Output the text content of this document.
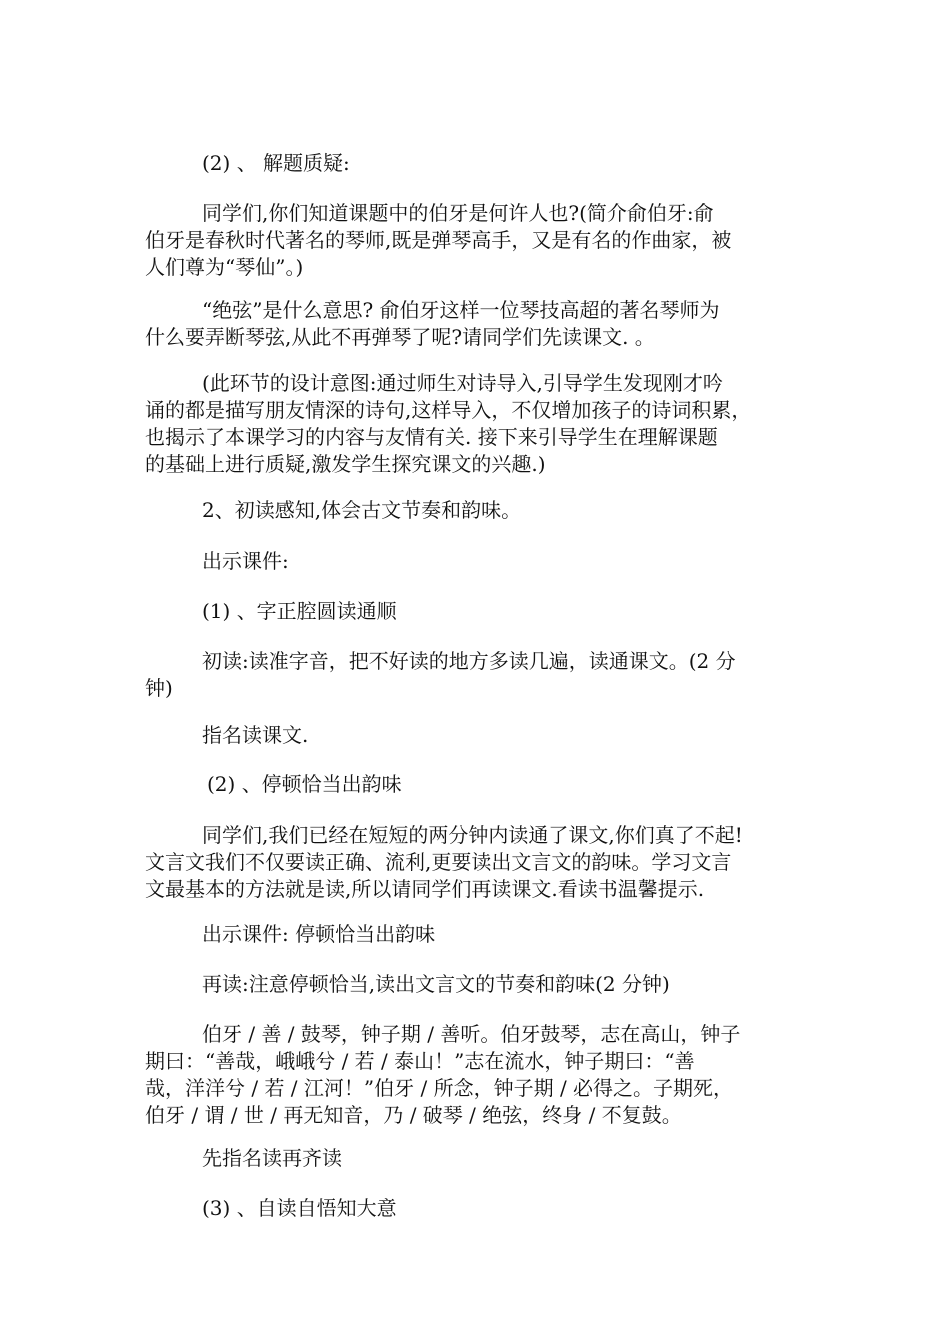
(2) 、 解题质疑:

同学们,你们知道课题中的伯牙是何许人也?(简介俞伯牙:俞
伯牙是春秋时代著名的琴师,既是弹琴高手，又是有名的作曲家，被
人们尊为“琴仙”。)

“绝弦”是什么意思? 俞伯牙这样一位琴技高超的著名琴师为
什么要弄断琴弦,从此不再弹琴了呢?请同学们先读课文. 。

(此环节的设计意图:通过师生对诗导入,引导学生发现刚才吟
诵的都是描写朋友情深的诗句,这样导入，不仅增加孩子的诗词积累，
也揭示了本课学习的内容与友情有关. 接下来引导学生在理解课题
的基础上进行质疑,激发学生探究课文的兴趣.)

2、初读感知,体会古文节奏和韵味。

出示课件:

(1) 、字正腔圆读通顺

初读:读准字音，把不好读的地方多读几遍，读通课文。(2 分
钟)

指名读课文.

(2) 、停顿恰当出韵味

同学们,我们已经在短短的两分钟内读通了课文,你们真了不起!
文言文我们不仅要读正确、流利,更要读出文言文的韵味。学习文言
文最基本的方法就是读,所以请同学们再读课文.看读书温馨提示.

出示课件: 停顿恰当出韵味

再读:注意停顿恰当,读出文言文的节奏和韵味(2 分钟)

伯牙 / 善 / 鼓琴，钟子期 / 善听。伯牙鼓琴，志在高山，钟子
期曰：“善哉，峨峨兮 / 若 / 泰山！”志在流水，钟子期曰：“善
哉，洋洋兮 / 若 / 江河！”伯牙 / 所念，钟子期 / 必得之。子期死，
伯牙 / 谓 / 世 / 再无知音，乃 / 破琴 / 绝弦，终身 / 不复鼓。

先指名读再齐读

(3) 、自读自悟知大意
